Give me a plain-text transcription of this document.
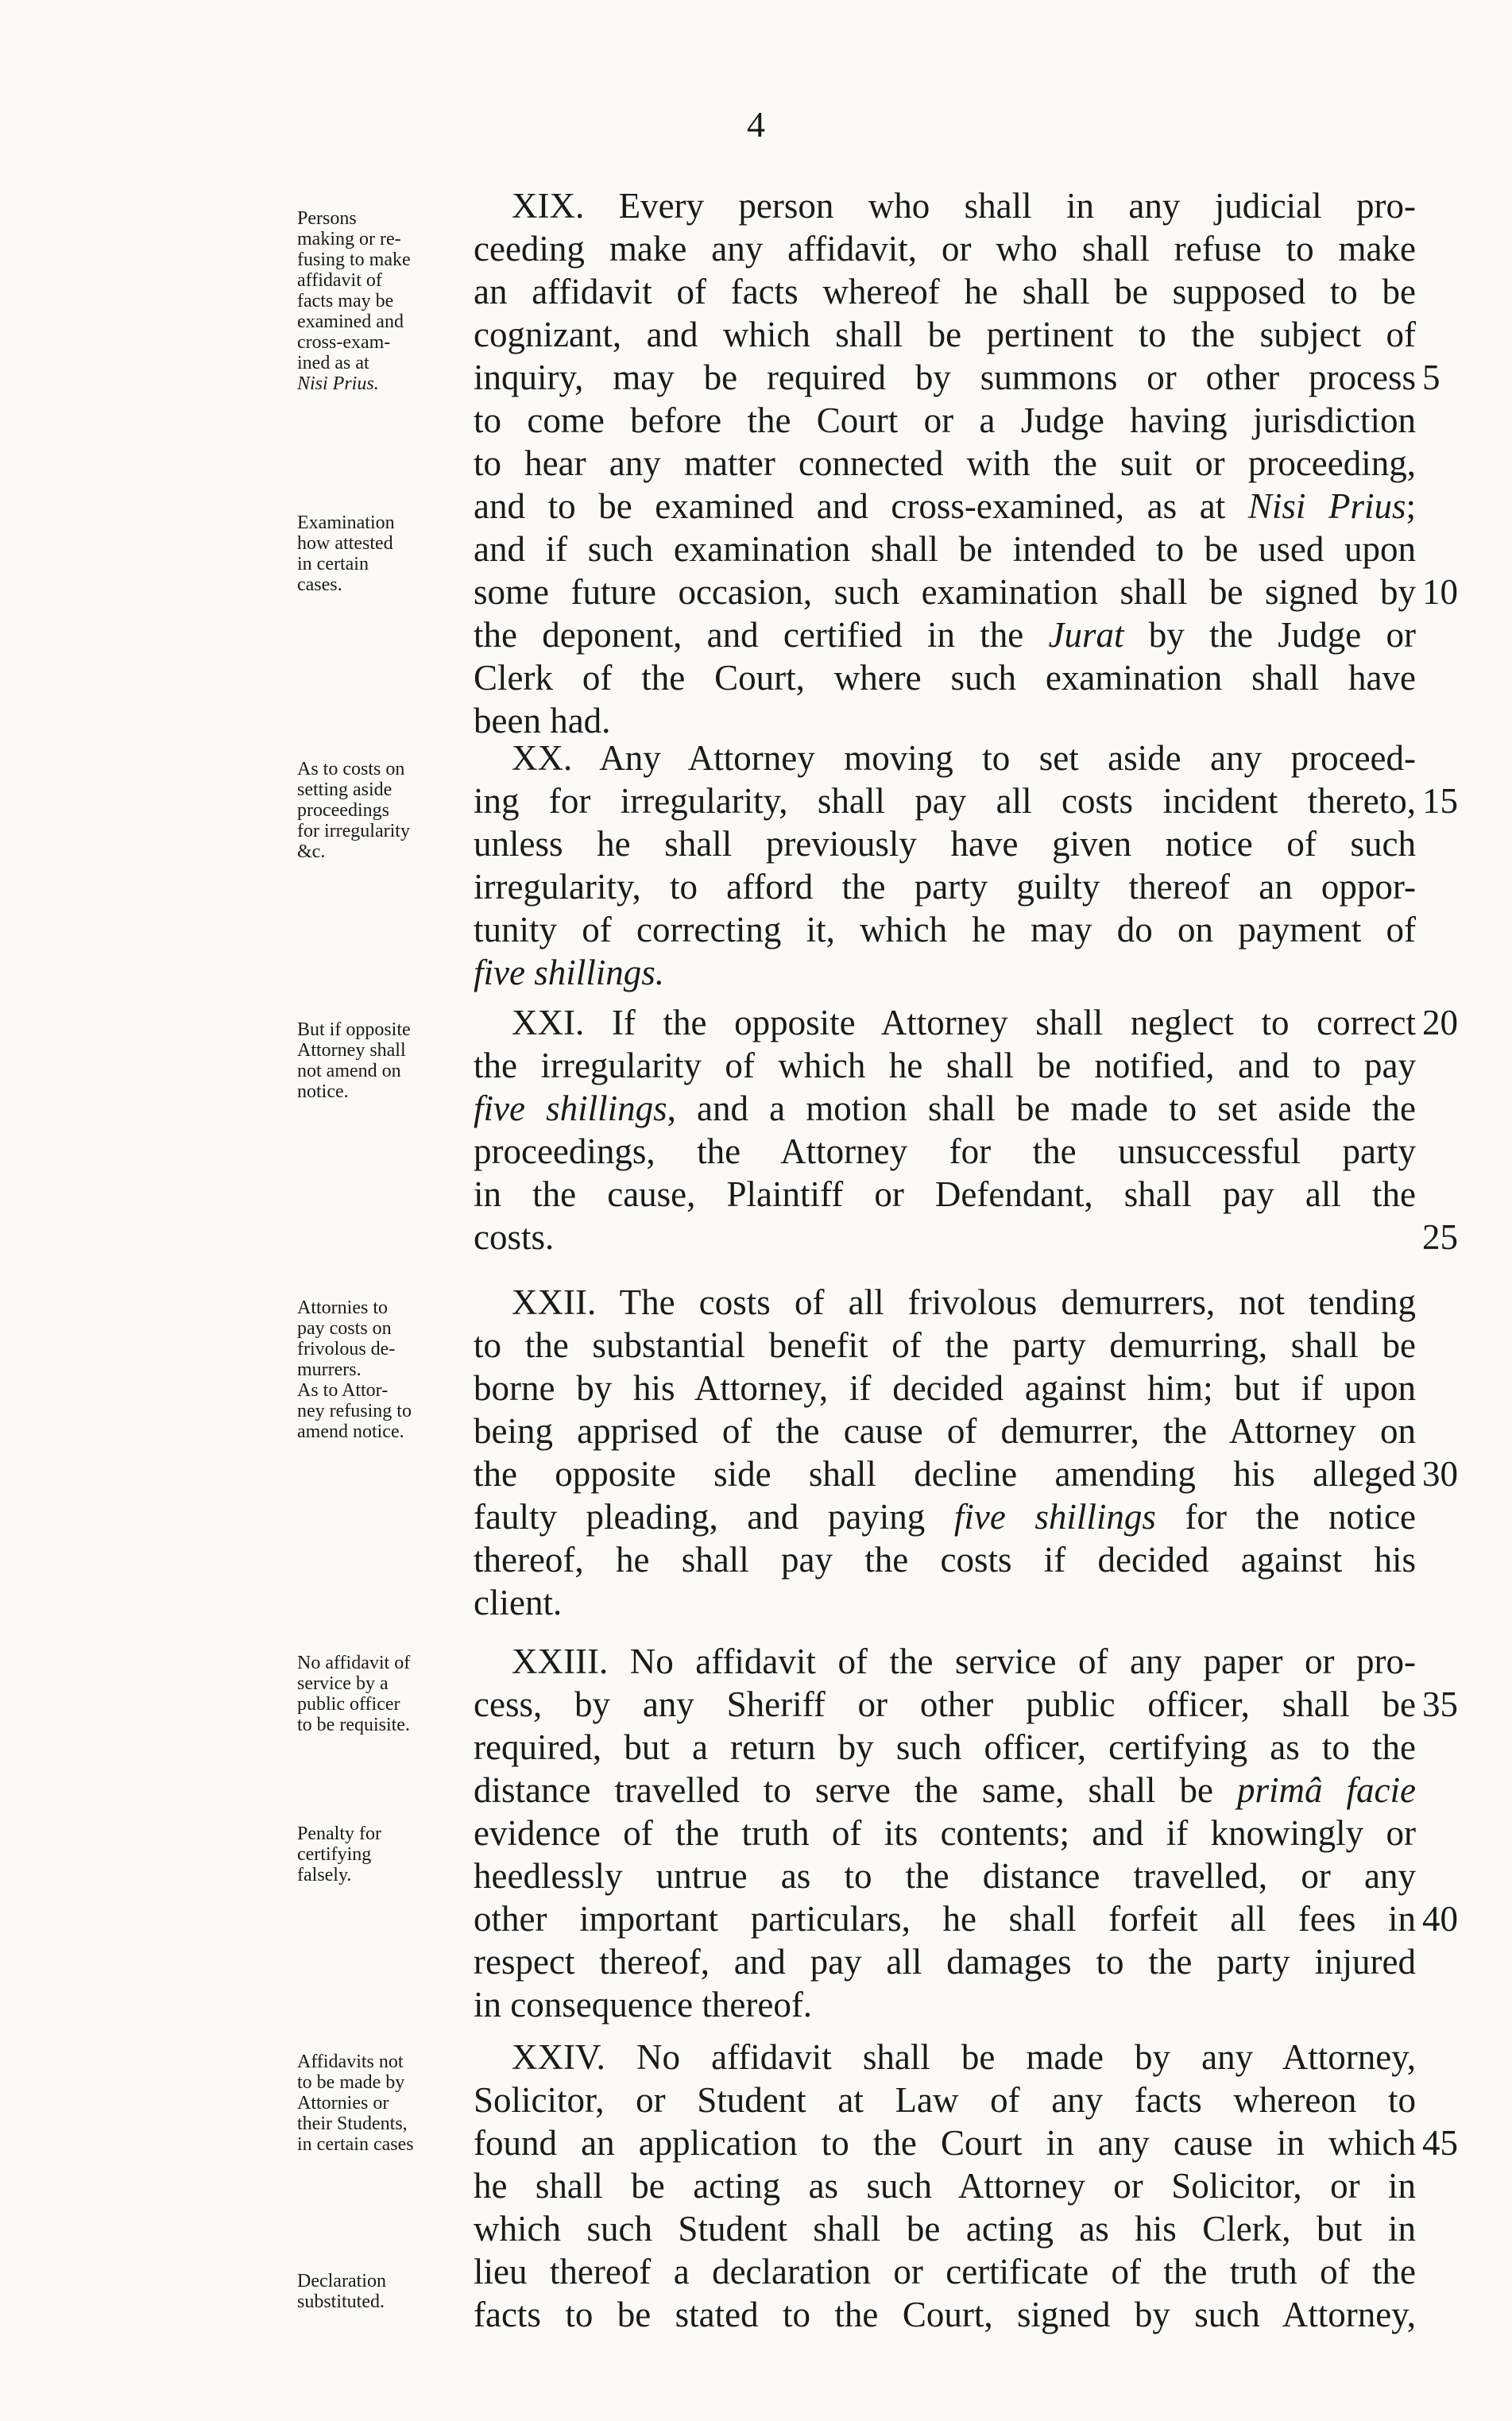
4
Persons
making or re-
fusing to make
affidavit of
facts may be
examined and
cross-exam-
ined as at
Nisi Prius.
Examination
how attested
in certain
cases.
XIX. Every person who shall in any judicial pro-
ceeding make any affidavit, or who shall refuse to make
an affidavit of facts whereof he shall be supposed to be
cognizant, and which shall be pertinent to the subject of
inquiry, may be required by summons or other process
to come before the Court or a Judge having jurisdiction
to hear any matter connected with the suit or proceeding,
and to be examined and cross-examined, as at Nisi Prius;
and if such examination shall be intended to be used upon
some future occasion, such examination shall be signed by
the deponent, and certified in the Jurat by the Judge or
Clerk of the Court, where such examination shall have
been had.
5
10
As to costs on
setting aside
proceedings
for irregularity
&c.
XX. Any Attorney moving to set aside any proceed-
ing for irregularity, shall pay all costs incident thereto,
unless he shall previously have given notice of such
irregularity, to afford the party guilty thereof an oppor-
tunity of correcting it, which he may do on payment of
five shillings.
15
But if opposite
Attorney shall
not amend on
notice.
XXI. If the opposite Attorney shall neglect to correct
the irregularity of which he shall be notified, and to pay
five shillings, and a motion shall be made to set aside the
proceedings, the Attorney for the unsuccessful party
in the cause, Plaintiff or Defendant, shall pay all the
costs.
20
25
Attornies to
pay costs on
frivolous de-
murrers.
As to Attor-
ney refusing to
amend notice.
XXII. The costs of all frivolous demurrers, not tending
to the substantial benefit of the party demurring, shall be
borne by his Attorney, if decided against him; but if upon
being apprised of the cause of demurrer, the Attorney on
the opposite side shall decline amending his alleged
faulty pleading, and paying five shillings for the notice
thereof, he shall pay the costs if decided against his
client.
30
No affidavit of
service by a
public officer
to be requisite.
Penalty for
certifying
falsely.
XXIII. No affidavit of the service of any paper or pro-
cess, by any Sheriff or other public officer, shall be
required, but a return by such officer, certifying as to the
distance travelled to serve the same, shall be primâ facie
evidence of the truth of its contents; and if knowingly or
heedlessly untrue as to the distance travelled, or any
other important particulars, he shall forfeit all fees in
respect thereof, and pay all damages to the party injured
in consequence thereof.
35
40
Affidavits not
to be made by
Attornies or
their Students,
in certain cases
Declaration
substituted.
XXIV. No affidavit shall be made by any Attorney,
Solicitor, or Student at Law of any facts whereon to
found an application to the Court in any cause in which
he shall be acting as such Attorney or Solicitor, or in
which such Student shall be acting as his Clerk, but in
lieu thereof a declaration or certificate of the truth of the
facts to be stated to the Court, signed by such Attorney,
45
